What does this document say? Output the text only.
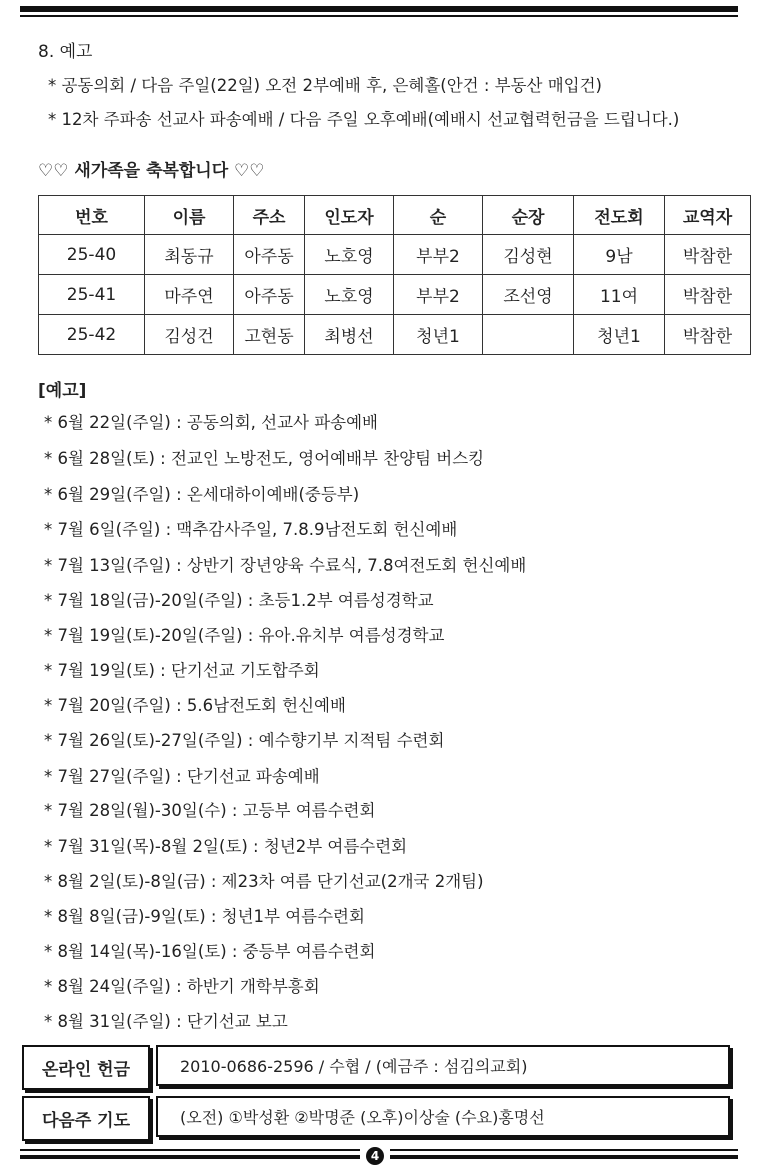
8. 예고
* 공동의회 / 다음 주일(22일) 오전 2부예배 후, 은혜홀(안건 : 부동산 매입건)
* 12차 주파송 선교사 파송예배 / 다음 주일 오후예배(예배시 선교협력헌금을 드립니다.)
♡♡ 새가족을 축복합니다 ♡♡
번호	이름	주소	인도자	순	순장	전도회	교역자
25-40	최동규	아주동	노호영	부부2	김성현	9남	박참한
25-41	마주연	아주동	노호영	부부2	조선영	11여	박참한
25-42	김성건	고현동	최병선	청년1		청년1	박참한
[예고]
* 6월 22일(주일) : 공동의회, 선교사 파송예배
* 6월 28일(토) : 전교인 노방전도, 영어예배부 찬양팀 버스킹
* 6월 29일(주일) : 온세대하이예배(중등부)
* 7월 6일(주일) : 맥추감사주일, 7.8.9남전도회 헌신예배
* 7월 13일(주일) : 상반기 장년양육 수료식, 7.8여전도회 헌신예배
* 7월 18일(금)-20일(주일) : 초등1.2부 여름성경학교
* 7월 19일(토)-20일(주일) : 유아.유치부 여름성경학교
* 7월 19일(토) : 단기선교 기도합주회
* 7월 20일(주일) : 5.6남전도회 헌신예배
* 7월 26일(토)-27일(주일) : 예수향기부 지적팀 수련회
* 7월 27일(주일) : 단기선교 파송예배
* 7월 28일(월)-30일(수) : 고등부 여름수련회
* 7월 31일(목)-8월 2일(토) : 청년2부 여름수련회
* 8월 2일(토)-8일(금) : 제23차 여름 단기선교(2개국 2개팀)
* 8월 8일(금)-9일(토) : 청년1부 여름수련회
* 8월 14일(목)-16일(토) : 중등부 여름수련회
* 8월 24일(주일) : 하반기 개학부흥회
* 8월 31일(주일) : 단기선교 보고
온라인 헌금	2010-0686-2596 / 수협 / (예금주 : 섬김의교회)
다음주 기도	(오전) ①박성환 ②박명준 (오후)이상술 (수요)홍명선
4
